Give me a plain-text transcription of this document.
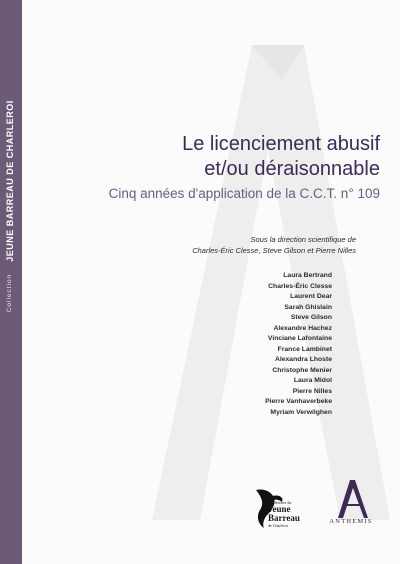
JEUNE BARREAU DE CHARLEROI
Collection
Le licenciement abusif
et/ou déraisonnable
Cinq années d'application de la C.C.T. n° 109
Sous la direction scientifique de
Charles-Éric Clesse, Steve Gilson et Pierre Nilles
Laura Bertrand
Charles-Éric Clesse
Laurent Dear
Sarah Ghislain
Steve Gilson
Alexandre Hachez
Vinciane Lafontaine
France Lambinet
Alexandra Lhoste
Christophe Menier
Laura Midol
Pierre Nilles
Pierre Vanhaverbeke
Myriam Verwilghen
Conférence du
Jeune
Barreau
de Charleroi
ANTHEMIS
